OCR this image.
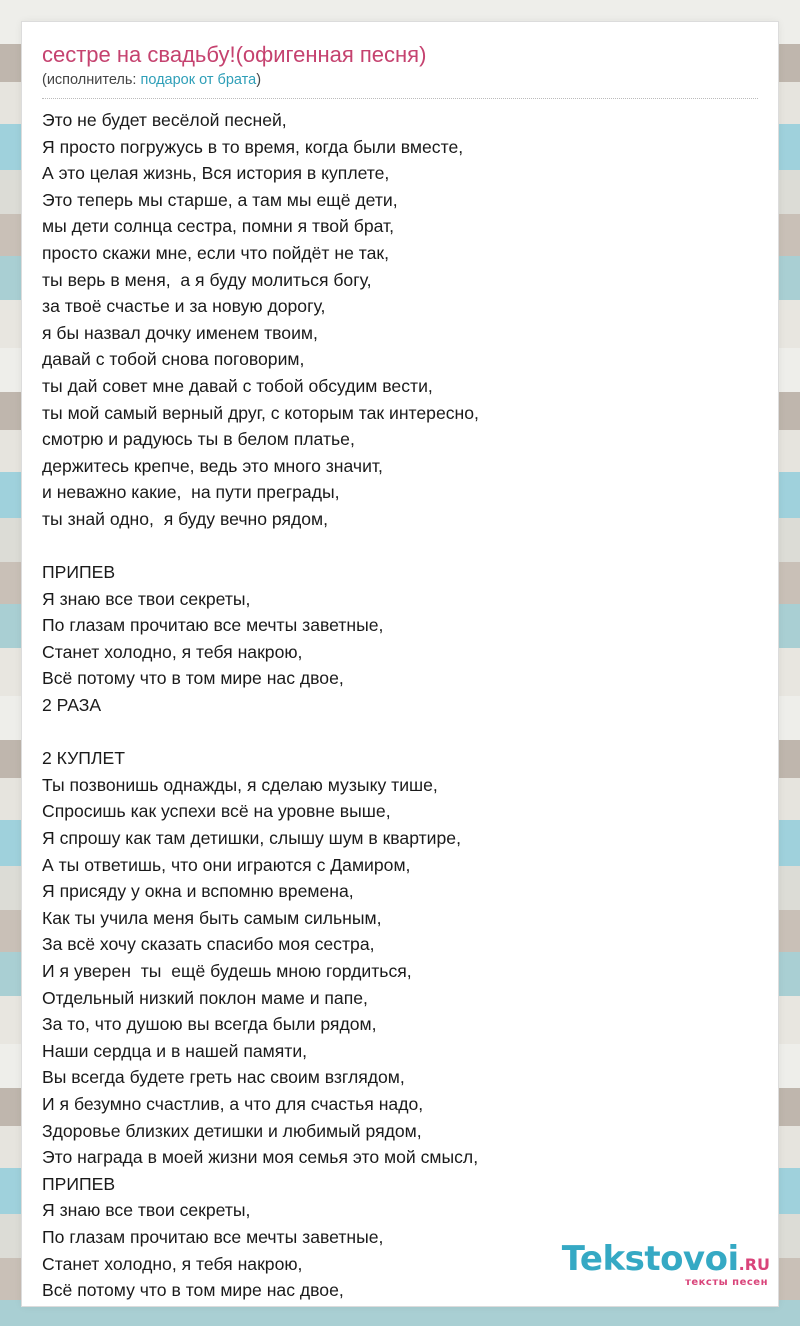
сестре на свадьбу!(офигенная песня)
(исполнитель: подарок от брата)
Это не будет весёлой песней,
Я просто погружусь в то время, когда были вместе,
А это целая жизнь, Вся история в куплете,
Это теперь мы старше, а там мы ещё дети,
мы дети солнца сестра, помни я твой брат,
просто скажи мне, если что пойдёт не так,
ты верь в меня,  а я буду молиться богу,
за твоё счастье и за новую дорогу,
я бы назвал дочку именем твоим,
давай с тобой снова поговорим,
ты дай совет мне давай с тобой обсудим вести,
ты мой самый верный друг, с которым так интересно,
смотрю и радуюсь ты в белом платье,
держитесь крепче, ведь это много значит,
и неважно какие,  на пути преграды,
ты знай одно,  я буду вечно рядом,
ПРИПЕВ
Я знаю все твои секреты,
По глазам прочитаю все мечты заветные,
Станет холодно, я тебя накрою,
Всё потому что в том мире нас двое,
2 РАЗА
2 КУПЛЕТ
Ты позвонишь однажды, я сделаю музыку тише,
Спросишь как успехи всё на уровне выше,
Я спрошу как там детишки, слышу шум в квартире,
А ты ответишь, что они играются с Дамиром,
Я присяду у окна и вспомню времена,
Как ты учила меня быть самым сильным,
За всё хочу сказать спасибо моя сестра,
И я уверен  ты  ещё будешь мною гордиться,
Отдельный низкий поклон маме и папе,
За то, что душою вы всегда были рядом,
Наши сердца и в нашей памяти,
Вы всегда будете греть нас своим взглядом,
И я безумно счастлив, а что для счастья надо,
Здоровье близких детишки и любимый рядом,
Это награда в моей жизни моя семья это мой смысл,
ПРИПЕВ
Я знаю все твои секреты,
По глазам прочитаю все мечты заветные,
Станет холодно, я тебя накрою,
Всё потому что в том мире нас двое,
Tekstovoi.RU
тексты песен
